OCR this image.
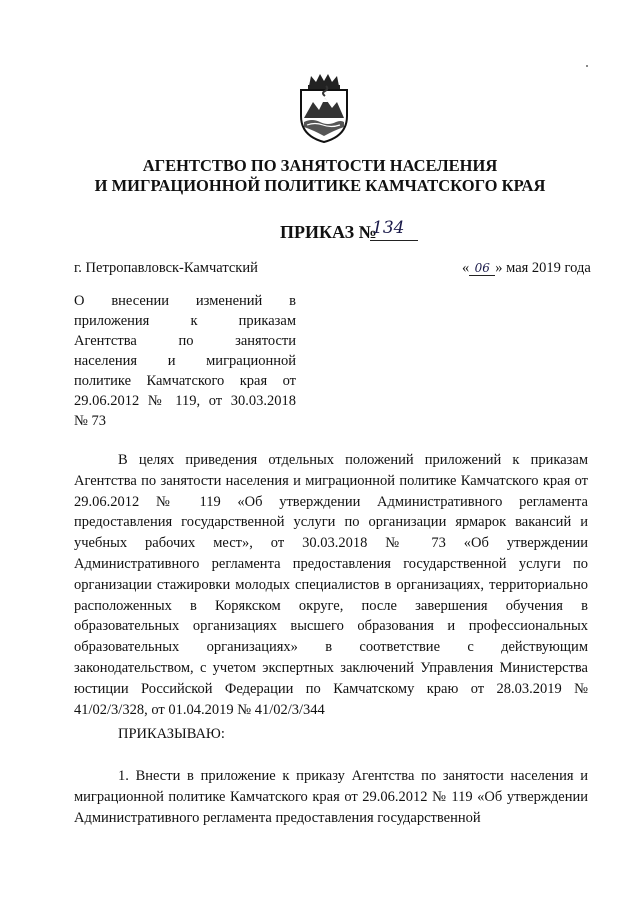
АГЕНТСТВО ПО ЗАНЯТОСТИ НАСЕЛЕНИЯ
И МИГРАЦИОННОЙ ПОЛИТИКЕ КАМЧАТСКОГО КРАЯ
ПРИКАЗ №
134
г. Петропавловск-Камчатский	« 06 » мая 2019 года
О внесении изменений в
приложения к приказам
Агентства по занятости
населения и миграционной
политике Камчатского края от
29.06.2012 № 119, от 30.03.2018
№ 73

В целях приведения отдельных положений приложений к приказам Агентства по занятости населения и миграционной политике Камчатского края от 29.06.2012 № 119 «Об утверждении Административного регламента предоставления государственной услуги по организации ярмарок вакансий и учебных рабочих мест», от 30.03.2018 № 73 «Об утверждении Административного регламента предоставления государственной услуги по организации стажировки молодых специалистов в организациях, территориально расположенных в Корякском округе, после завершения обучения в образовательных организациях высшего образования и профессиональных образовательных организациях» в соответствие с действующим законодательством, с учетом экспертных заключений Управления Министерства юстиции Российской Федерации по Камчатскому краю от 28.03.2019 № 41/02/3/328, от 01.04.2019 № 41/02/3/344

ПРИКАЗЫВАЮ:

1. Внести в приложение к приказу Агентства по занятости населения и миграционной политике Камчатского края от 29.06.2012 № 119 «Об утверждении Административного регламента предоставления государственной
